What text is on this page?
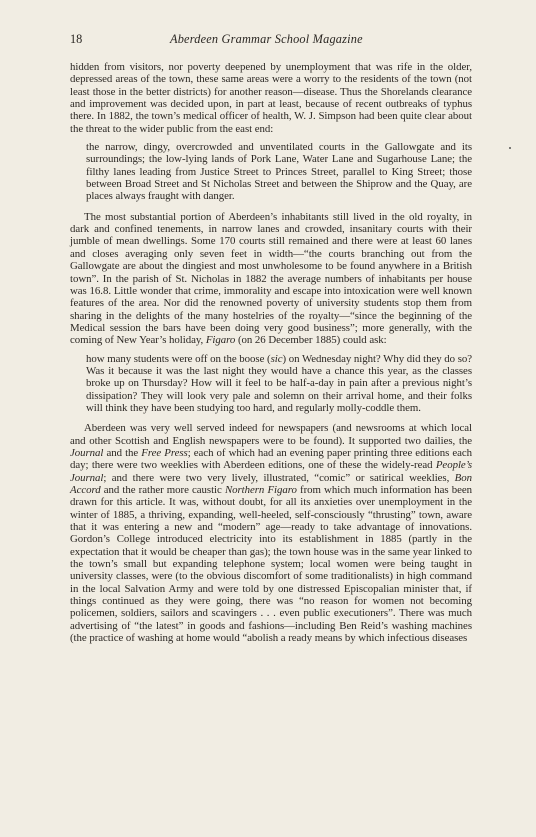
18	Aberdeen Grammar School Magazine

hidden from visitors, nor poverty deepened by unemployment that was rife in the older, depressed areas of the town, these same areas were a worry to the residents of the town (not least those in the better districts) for another reason—disease. Thus the Shorelands clearance and improvement was decided upon, in part at least, because of recent outbreaks of typhus there. In 1882, the town’s medical officer of health, W. J. Simpson had been quite clear about the threat to the wider public from the east end:

the narrow, dingy, overcrowded and unventilated courts in the Gallowgate and its surroundings; the low-lying lands of Pork Lane, Water Lane and Sugarhouse Lane; the filthy lanes leading from Justice Street to Princes Street, parallel to King Street; those between Broad Street and St Nicholas Street and between the Shiprow and the Quay, are places always fraught with danger.

The most substantial portion of Aberdeen’s inhabitants still lived in the old royalty, in dark and confined tenements, in narrow lanes and crowded, insanitary courts with their jumble of mean dwellings. Some 170 courts still remained and there were at least 60 lanes and closes averaging only seven feet in width—“the courts branching out from the Gallowgate are about the dingiest and most unwholesome to be found anywhere in a British town”. In the parish of St. Nicholas in 1882 the average numbers of inhabitants per house was 16.8. Little wonder that crime, immorality and escape into intoxication were well known features of the area. Nor did the renowned poverty of university students stop them from sharing in the delights of the many hostelries of the royalty—“since the beginning of the Medical session the bars have been doing very good business”; more generally, with the coming of New Year’s holiday, Figaro (on 26 December 1885) could ask:

how many students were off on the boose (sic) on Wednesday night? Why did they do so? Was it because it was the last night they would have a chance this year, as the classes broke up on Thursday? How will it feel to be half-a-day in pain after a previous night’s dissipation? They will look very pale and solemn on their arrival home, and their folks will think they have been studying too hard, and regularly molly-coddle them.

Aberdeen was very well served indeed for newspapers (and newsrooms at which local and other Scottish and English newspapers were to be found). It supported two dailies, the Journal and the Free Press; each of which had an evening paper printing three editions each day; there were two weeklies with Aberdeen editions, one of these the widely-read People’s Journal; and there were two very lively, illustrated, “comic” or satirical weeklies, Bon Accord and the rather more caustic Northern Figaro from which much information has been drawn for this article. It was, without doubt, for all its anxieties over unemployment in the winter of 1885, a thriving, expanding, well-heeled, self-consciously “thrusting” town, aware that it was entering a new and “modern” age—ready to take advantage of innovations. Gordon’s College introduced electricity into its establishment in 1885 (partly in the expectation that it would be cheaper than gas); the town house was in the same year linked to the town’s small but expanding telephone system; local women were being taught in university classes, were (to the obvious discomfort of some traditionalists) in high command in the local Salvation Army and were told by one distressed Episcopalian minister that, if things continued as they were going, there was “no reason for women not becoming policemen, soldiers, sailors and scavingers . . . even public executioners”. There was much advertising of “the latest” in goods and fashions—including Ben Reid’s washing machines (the practice of washing at home would “abolish a ready means by which infectious diseases
